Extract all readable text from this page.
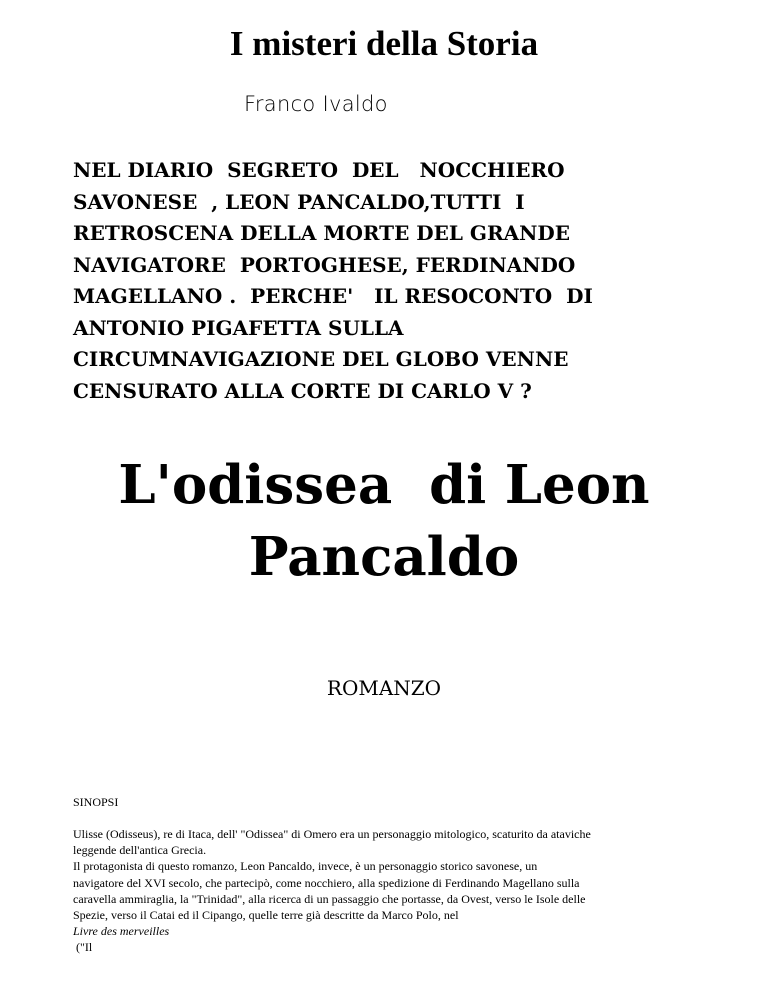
I misteri della Storia
Franco Ivaldo
NEL DIARIO  SEGRETO  DEL   NOCCHIERO
SAVONESE  , LEON PANCALDO,TUTTI  I
RETROSCENA DELLA MORTE DEL GRANDE
NAVIGATORE  PORTOGHESE, FERDINANDO
MAGELLANO .  PERCHE'   IL RESOCONTO  DI
ANTONIO PIGAFETTA SULLA
CIRCUMNAVIGAZIONE DEL GLOBO VENNE
CENSURATO ALLA CORTE DI CARLO V ?
L'odissea  di Leon
Pancaldo
ROMANZO
SINOPSI
Ulisse (Odisseus), re di Itaca, dell' "Odissea" di Omero era un personaggio mitologico, scaturito da ataviche
leggende dell'antica Grecia.
Il protagonista di questo romanzo, Leon Pancaldo, invece, è un personaggio storico savonese, un
navigatore del XVI secolo, che partecipò, come nocchiero, alla spedizione di Ferdinando Magellano sulla
caravella ammiraglia, la "Trinidad", alla ricerca di un passaggio che portasse, da Ovest, verso le Isole delle
Spezie, verso il Catai ed il Cipango, quelle terre già descritte da Marco Polo, nel
Livre des merveilles
("Il
